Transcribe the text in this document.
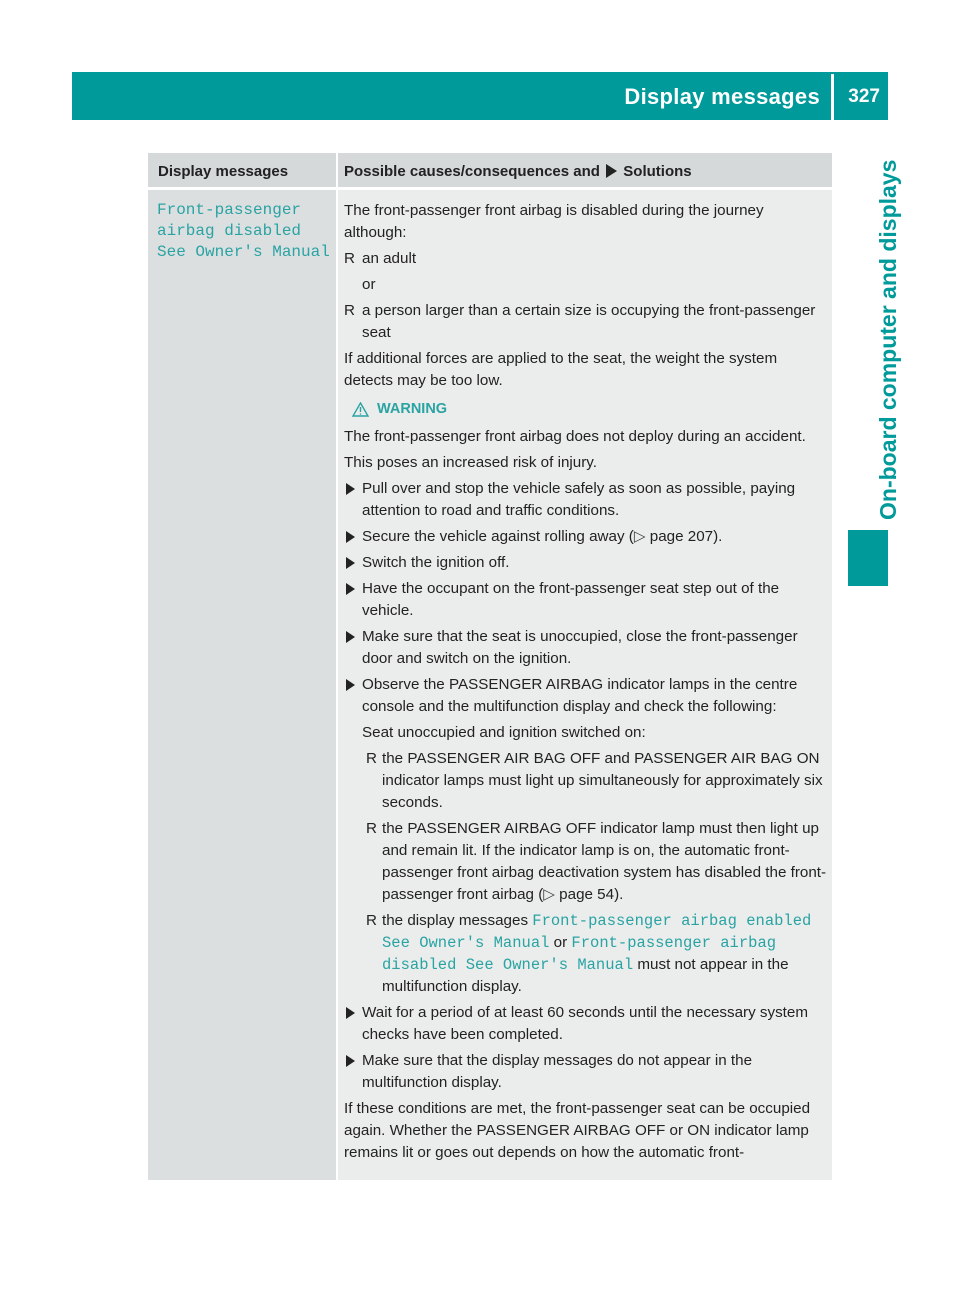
Display messages 327
On-board computer and displays
Display messages	Possible causes/consequences and Solutions
Front-passenger
airbag disabled
See Owner's Manual

The front-passenger front airbag is disabled during the journey although:

R an adult
or
R a person larger than a certain size is occupying the front-passenger seat

If additional forces are applied to the seat, the weight the system detects may be too low.

WARNING

The front-passenger front airbag does not deploy during an accident.

This poses an increased risk of injury.

Pull over and stop the vehicle safely as soon as possible, paying attention to road and traffic conditions.
Secure the vehicle against rolling away (▷ page 207).
Switch the ignition off.
Have the occupant on the front-passenger seat step out of the vehicle.
Make sure that the seat is unoccupied, close the front-passenger door and switch on the ignition.
Observe the PASSENGER AIRBAG indicator lamps in the centre console and the multifunction display and check the following:
Seat unoccupied and ignition switched on:
R the PASSENGER AIR BAG OFF and PASSENGER AIR BAG ON indicator lamps must light up simultaneously for approximately six seconds.
R the PASSENGER AIRBAG OFF indicator lamp must then light up and remain lit. If the indicator lamp is on, the automatic front-passenger front airbag deactivation system has disabled the front-passenger front airbag (▷ page 54).
R the display messages Front-passenger airbag enabled See Owner's Manual or Front-passenger airbag disabled See Owner's Manual must not appear in the multifunction display.
Wait for a period of at least 60 seconds until the necessary system checks have been completed.
Make sure that the display messages do not appear in the multifunction display.

If these conditions are met, the front-passenger seat can be occupied again. Whether the PASSENGER AIRBAG OFF or ON indicator lamp remains lit or goes out depends on how the automatic front-
